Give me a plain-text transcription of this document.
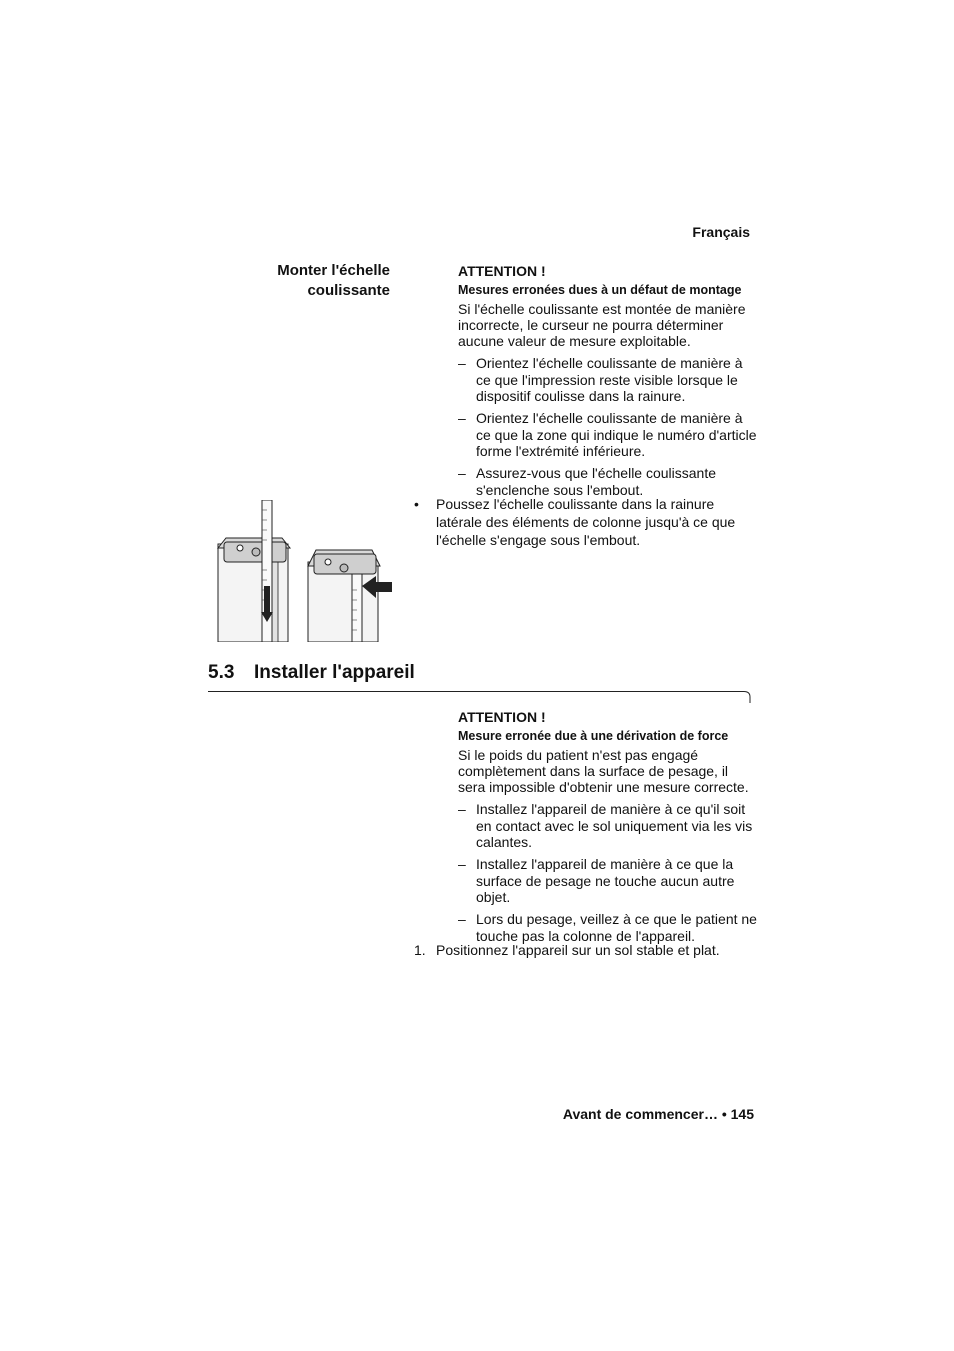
Français
Monter l'échelle coulissante
ATTENTION !
Mesures erronées dues à un défaut de montage
Si l'échelle coulissante est montée de manière incorrecte, le curseur ne pourra déterminer aucune valeur de mesure exploitable.
– Orientez l'échelle coulissante de manière à ce que l'impression reste visible lorsque le dispositif coulisse dans la rainure.
– Orientez l'échelle coulissante de manière à ce que la zone qui indique le numéro d'article forme l'extrémité inférieure.
– Assurez-vous que l'échelle coulissante s'enclenche sous l'embout.
• Poussez l'échelle coulissante dans la rainure latérale des éléments de colonne jusqu'à ce que l'échelle s'engage sous l'embout.
5.3 Installer l'appareil
ATTENTION !
Mesure erronée due à une dérivation de force
Si le poids du patient n'est pas engagé complètement dans la surface de pesage, il sera impossible d'obtenir une mesure correcte.
– Installez l'appareil de manière à ce qu'il soit en contact avec le sol uniquement via les vis calantes.
– Installez l'appareil de manière à ce que la surface de pesage ne touche aucun autre objet.
– Lors du pesage, veillez à ce que le patient ne touche pas la colonne de l'appareil.
1. Positionnez l'appareil sur un sol stable et plat.
Avant de commencer… • 145
